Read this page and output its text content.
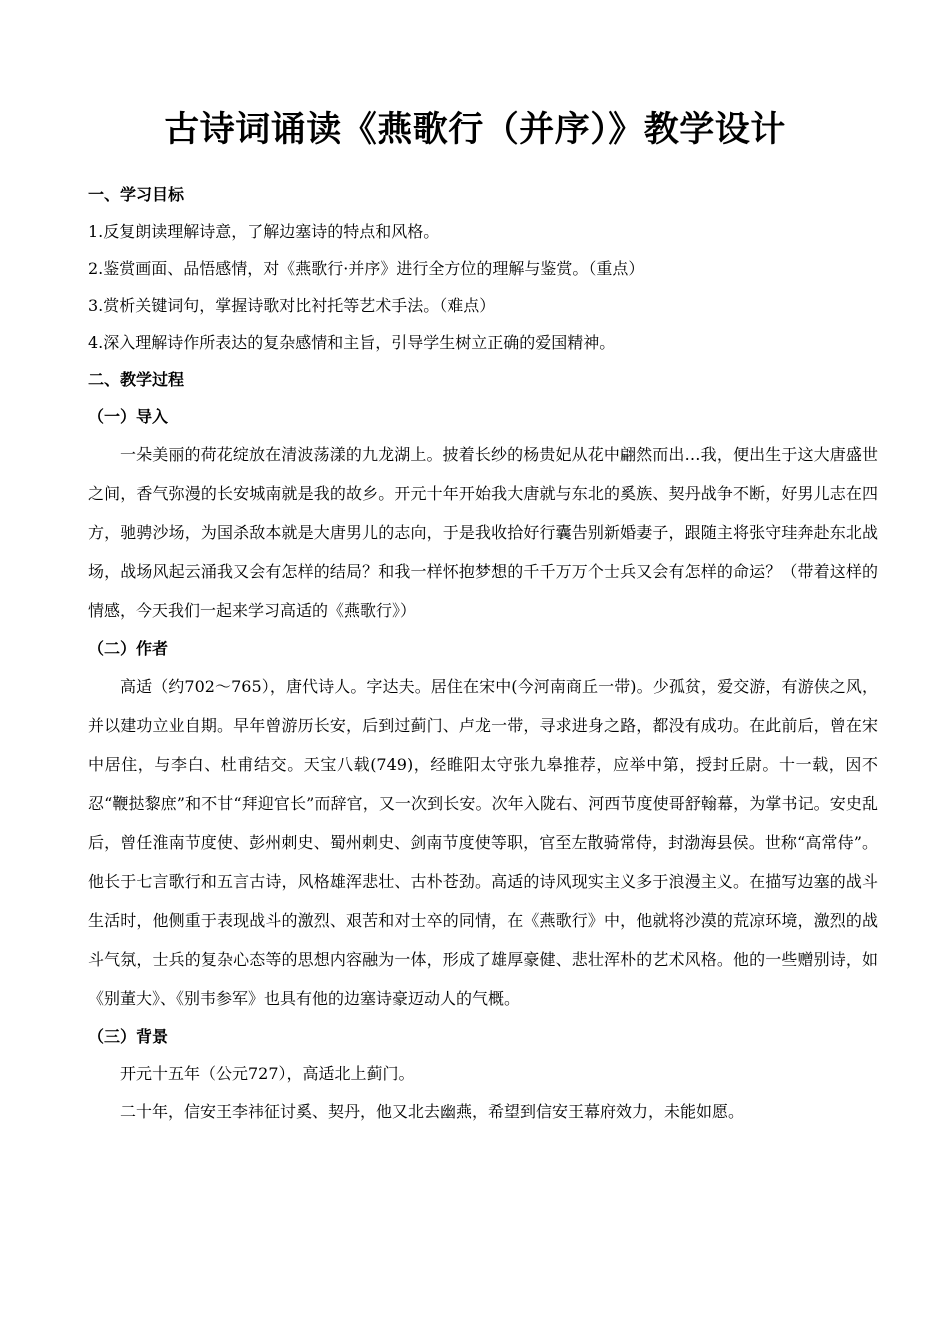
古诗词诵读《燕歌行（并序）》教学设计
一、学习目标
1.反复朗读理解诗意，了解边塞诗的特点和风格。
2.鉴赏画面、品悟感情，对《燕歌行·并序》进行全方位的理解与鉴赏。（重点）
3.赏析关键词句，掌握诗歌对比衬托等艺术手法。（难点）
4.深入理解诗作所表达的复杂感情和主旨，引导学生树立正确的爱国精神。
二、教学过程
（一）导入

一朵美丽的荷花绽放在清波荡漾的九龙湖上。披着长纱的杨贵妃从花中翩然而出…我，便出生于这大唐盛世之间，香气弥漫的长安城南就是我的故乡。开元十年开始我大唐就与东北的奚族、契丹战争不断，好男儿志在四方，驰骋沙场，为国杀敌本就是大唐男儿的志向，于是我收拾好行囊告别新婚妻子，跟随主将张守珪奔赴东北战场，战场风起云涌我又会有怎样的结局？和我一样怀抱梦想的千千万万个士兵又会有怎样的命运？（带着这样的情感，今天我们一起来学习高适的《燕歌行》）

（二）作者

高适（约702～765），唐代诗人。字达夫。居住在宋中(今河南商丘一带)。少孤贫，爱交游，有游侠之风，并以建功立业自期。早年曾游历长安，后到过蓟门、卢龙一带，寻求进身之路，都没有成功。在此前后，曾在宋中居住，与李白、杜甫结交。天宝八载(749)，经睢阳太守张九皋推荐，应举中第，授封丘尉。十一载，因不忍“鞭挞黎庶”和不甘“拜迎官长”而辞官，又一次到长安。次年入陇右、河西节度使哥舒翰幕，为掌书记。安史乱后，曾任淮南节度使、彭州刺史、蜀州刺史、剑南节度使等职，官至左散骑常侍，封渤海县侯。世称“高常侍”。他长于七言歌行和五言古诗，风格雄浑悲壮、古朴苍劲。高适的诗风现实主义多于浪漫主义。在描写边塞的战斗生活时，他侧重于表现战斗的激烈、艰苦和对士卒的同情，在《燕歌行》中，他就将沙漠的荒凉环境，激烈的战斗气氛，士兵的复杂心态等的思想内容融为一体，形成了雄厚豪健、悲壮浑朴的艺术风格。他的一些赠别诗，如《别董大》、《别韦参军》也具有他的边塞诗豪迈动人的气概。

（三）背景

开元十五年（公元727），高适北上蓟门。

二十年，信安王李祎征讨奚、契丹，他又北去幽燕，希望到信安王幕府效力，未能如愿。
